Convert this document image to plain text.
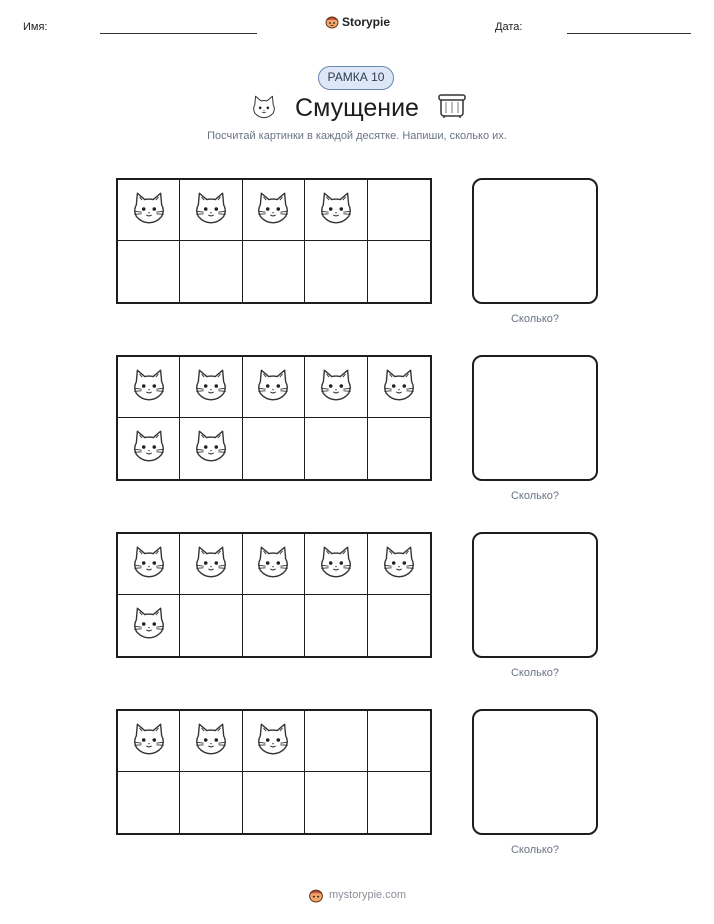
Имя:	Storypie	Дата:
РАМКА 10
Смущение
Посчитай картинки в каждой десятке. Напиши, сколько их.
Сколько?
Сколько?
Сколько?
Сколько?
mystorypie.com
